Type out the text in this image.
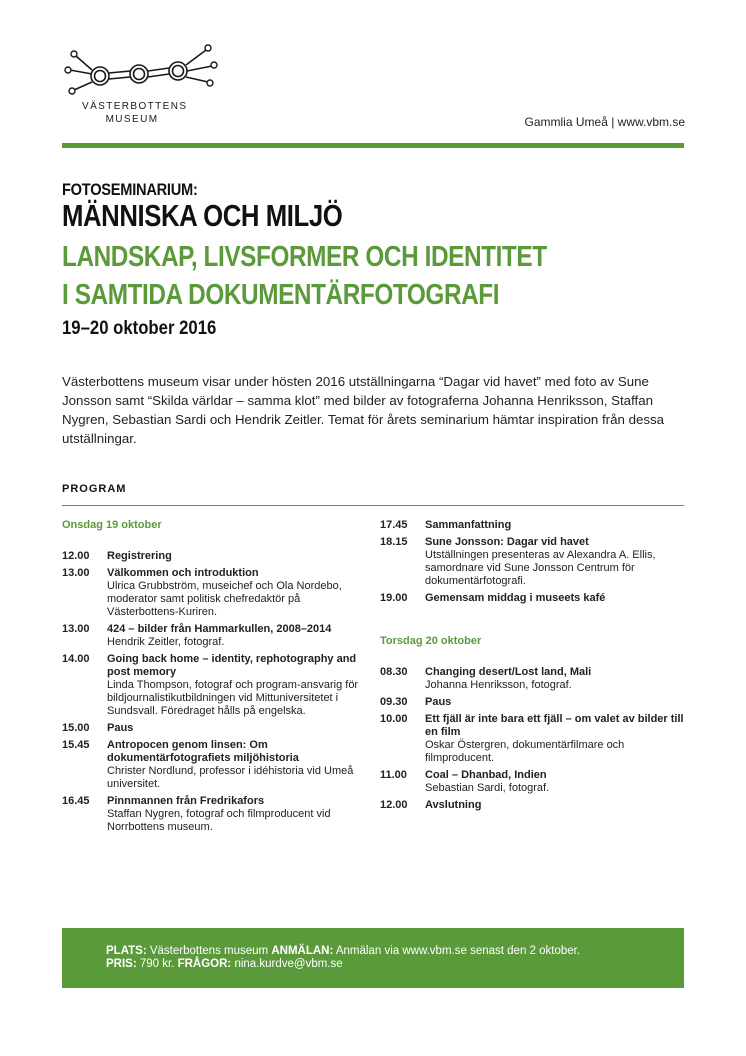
VÄSTERBOTTENS
MUSEUM	Gammlia Umeå | www.vbm.se
FOTOSEMINARIUM:
MÄNNISKA OCH MILJÖ
LANDSKAP, LIVSFORMER OCH IDENTITET
I SAMTIDA DOKUMENTÄRFOTOGRAFI
19–20 oktober 2016
Västerbottens museum visar under hösten 2016 utställningarna “Dagar vid havet” med foto av Sune Jonsson samt “Skilda världar – samma klot” med bilder av fotograferna Johanna Henriksson, Staffan Nygren, Sebastian Sardi och Hendrik Zeitler. Temat för årets seminarium hämtar inspiration från dessa utställningar.
PROGRAM
Onsdag 19 oktober
12.00	Registrering
13.00	Välkommen och introduktion
Ulrica Grubbström, museichef och Ola Nordebo, moderator samt politisk chefredaktör på Västerbottens-Kuriren.
13.00	424 – bilder från Hammarkullen, 2008–2014
Hendrik Zeitler, fotograf.
14.00	Going back home – identity, rephotography and post memory
Linda Thompson, fotograf och program-ansvarig för bildjournalistikutbildningen vid Mittuniversitetet i Sundsvall. Föredraget hålls på engelska.
15.00	Paus
15.45	Antropocen genom linsen: Om dokumentärfotografiets miljöhistoria
Christer Nordlund, professor i idéhistoria vid Umeå universitet.
16.45	Pinnmannen från Fredrikafors
Staffan Nygren, fotograf och filmproducent vid Norrbottens museum.
17.45	Sammanfattning
18.15	Sune Jonsson: Dagar vid havet
Utställningen presenteras av Alexandra A. Ellis, samordnare vid Sune Jonsson Centrum för dokumentärfotografi.
19.00	Gemensam middag i museets kafé
Torsdag 20 oktober
08.30	Changing desert/Lost land, Mali
Johanna Henriksson, fotograf.
09.30	Paus
10.00	Ett fjäll är inte bara ett fjäll – om valet av bilder till en film
Oskar Östergren, dokumentärfilmare och filmproducent.
11.00	Coal – Dhanbad, Indien
Sebastian Sardi, fotograf.
12.00	Avslutning
PLATS: Västerbottens museum ANMÄLAN: Anmälan via www.vbm.se senast den 2 oktober.
PRIS: 790 kr. FRÅGOR: nina.kurdve@vbm.se
